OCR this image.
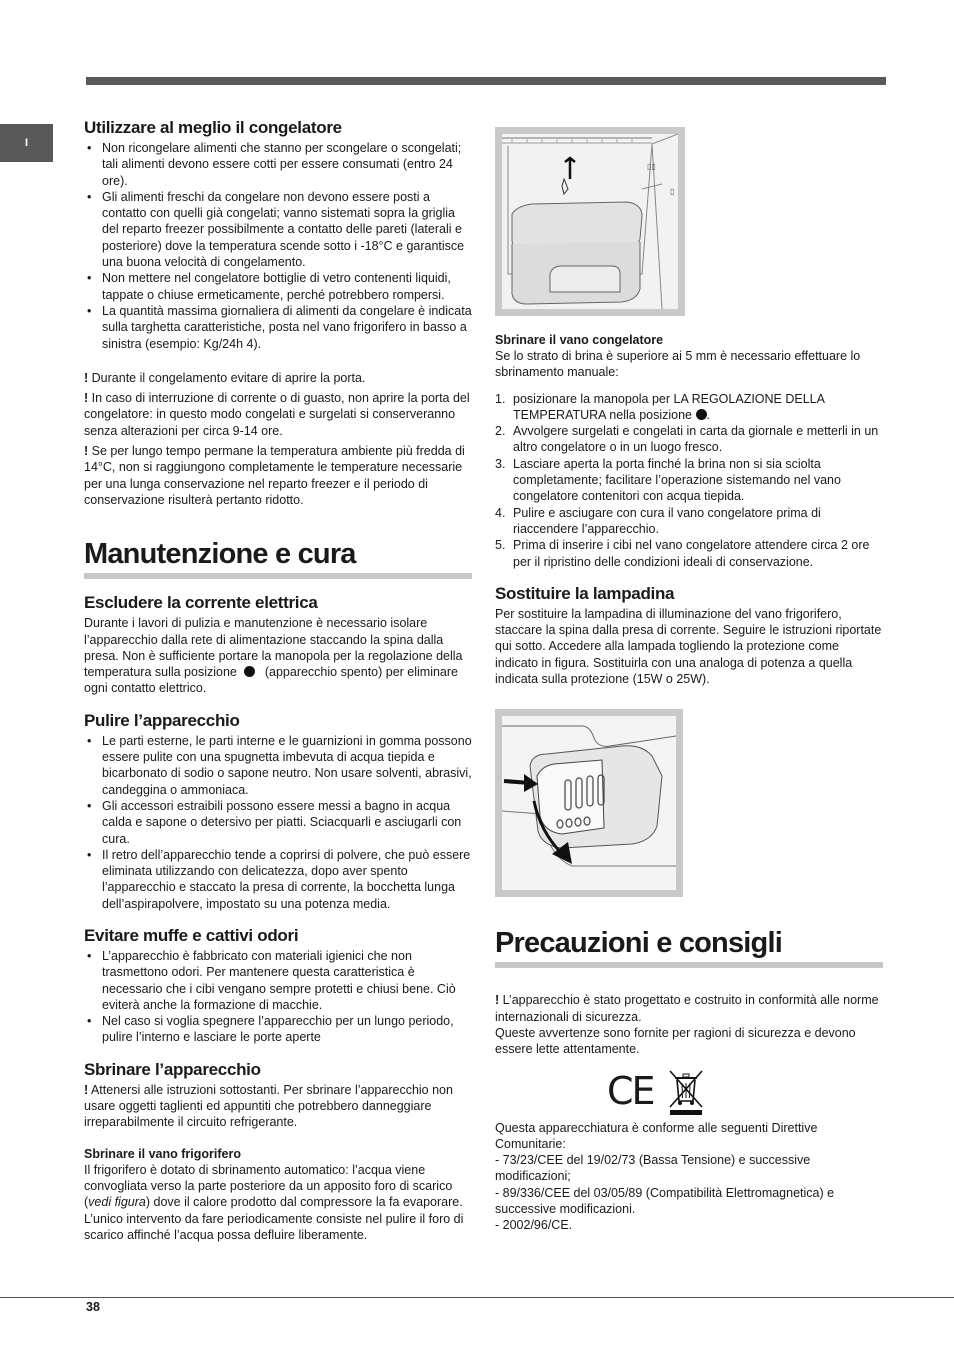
I
Utilizzare al meglio il congelatore
• Non ricongelare alimenti che stanno per scongelare o scongelati; tali alimenti devono essere cotti per essere consumati (entro 24 ore).
• Gli alimenti freschi da congelare non devono essere posti a contatto con quelli già congelati; vanno sistemati sopra la griglia del reparto freezer possibilmente a contatto delle pareti (laterali e posteriore) dove la temperatura scende sotto i -18°C e garantisce una buona velocità di congelamento.
• Non mettere nel congelatore bottiglie di vetro contenenti liquidi, tappate o chiuse ermeticamente, perché potrebbero rompersi.
• La quantità massima giornaliera di alimenti da congelare è indicata sulla targhetta caratteristiche, posta nel vano frigorifero in basso a sinistra (esempio: Kg/24h 4).

! Durante il congelamento evitare di aprire la porta.

! In caso di interruzione di corrente o di guasto, non aprire la porta del congelatore: in questo modo congelati e surgelati si conserveranno senza alterazioni per circa 9-14 ore.

! Se per lungo tempo permane la temperatura ambiente più fredda di 14°C, non si raggiungono completamente le temperature necessarie per una lunga conservazione nel reparto freezer e il periodo di conservazione risulterà pertanto ridotto.

Manutenzione e cura
Escludere la corrente elettrica

Durante i lavori di pulizia e manutenzione è necessario isolare l’apparecchio dalla rete di alimentazione staccando la spina dalla presa. Non è sufficiente portare la manopola per la regolazione della temperatura sulla posizione (apparecchio spento) per eliminare ogni contatto elettrico.

Pulire l’apparecchio
• Le parti esterne, le parti interne e le guarnizioni in gomma possono essere pulite con una spugnetta imbevuta di acqua tiepida e bicarbonato di sodio o sapone neutro. Non usare solventi, abrasivi, candeggina o ammoniaca.
• Gli accessori estraibili possono essere messi a bagno in acqua calda e sapone o detersivo per piatti. Sciacquarli e asciugarli con cura.
• Il retro dell’apparecchio tende a coprirsi di polvere, che può essere eliminata utilizzando con delicatezza, dopo aver spento l’apparecchio e staccato la presa di corrente, la bocchetta lunga dell’aspirapolvere, impostato su una potenza media.
Evitare muffe e cattivi odori
• L’apparecchio è fabbricato con materiali igienici che non trasmettono odori. Per mantenere questa caratteristica è necessario che i cibi vengano sempre protetti e chiusi bene. Ciò eviterà anche la formazione di macchie.
• Nel caso si voglia spegnere l’apparecchio per un lungo periodo, pulire l’interno e lasciare le porte aperte
Sbrinare l’apparecchio

! Attenersi alle istruzioni sottostanti. Per sbrinare l’apparecchio non usare oggetti taglienti ed appuntiti che potrebbero danneggiare irreparabilmente il circuito refrigerante.

Sbrinare il vano frigorifero

Il frigorifero è dotato di sbrinamento automatico: l’acqua viene convogliata verso la parte posteriore da un apposito foro di scarico (vedi figura) dove il calore prodotto dal compressore la fa evaporare. L’unico intervento da fare periodicamente consiste nel pulire il foro di scarico affinché l’acqua possa defluire liberamente.

▯▯
▯
Sbrinare il vano congelatore

Se lo strato di brina è superiore ai 5 mm è necessario effettuare lo sbrinamento manuale:

1. posizionare la manopola per LA REGOLAZIONE DELLA TEMPERATURA nella posizione .
2. Avvolgere surgelati e congelati in carta da giornale e metterli in un altro congelatore o in un luogo fresco.
3. Lasciare aperta la porta finché la brina non si sia sciolta completamente; facilitare l’operazione sistemando nel vano congelatore contenitori con acqua tiepida.
4. Pulire e asciugare con cura il vano congelatore prima di riaccendere l’apparecchio.
5. Prima di inserire i cibi nel vano congelatore attendere circa 2 ore per il ripristino delle condizioni ideali di conservazione.
Sostituire la lampadina

Per sostituire la lampadina di illuminazione del vano frigorifero, staccare la spina dalla presa di corrente. Seguire le istruzioni riportate qui sotto. Accedere alla lampada togliendo la protezione come indicato in figura. Sostituirla con una analoga di potenza a quella indicata sulla protezione (15W o 25W).

Precauzioni e consigli

! L’apparecchio è stato progettato e costruito in conformità alle norme internazionali di sicurezza.

Queste avvertenze sono fornite per ragioni di sicurezza e devono essere lette attentamente.

CE

Questa apparecchiatura è conforme alle seguenti Direttive Comunitarie:

- 73/23/CEE del 19/02/73 (Bassa Tensione) e successive modificazioni;

- 89/336/CEE del 03/05/89 (Compatibilità Elettromagnetica) e successive modificazioni.

- 2002/96/CE.

38
